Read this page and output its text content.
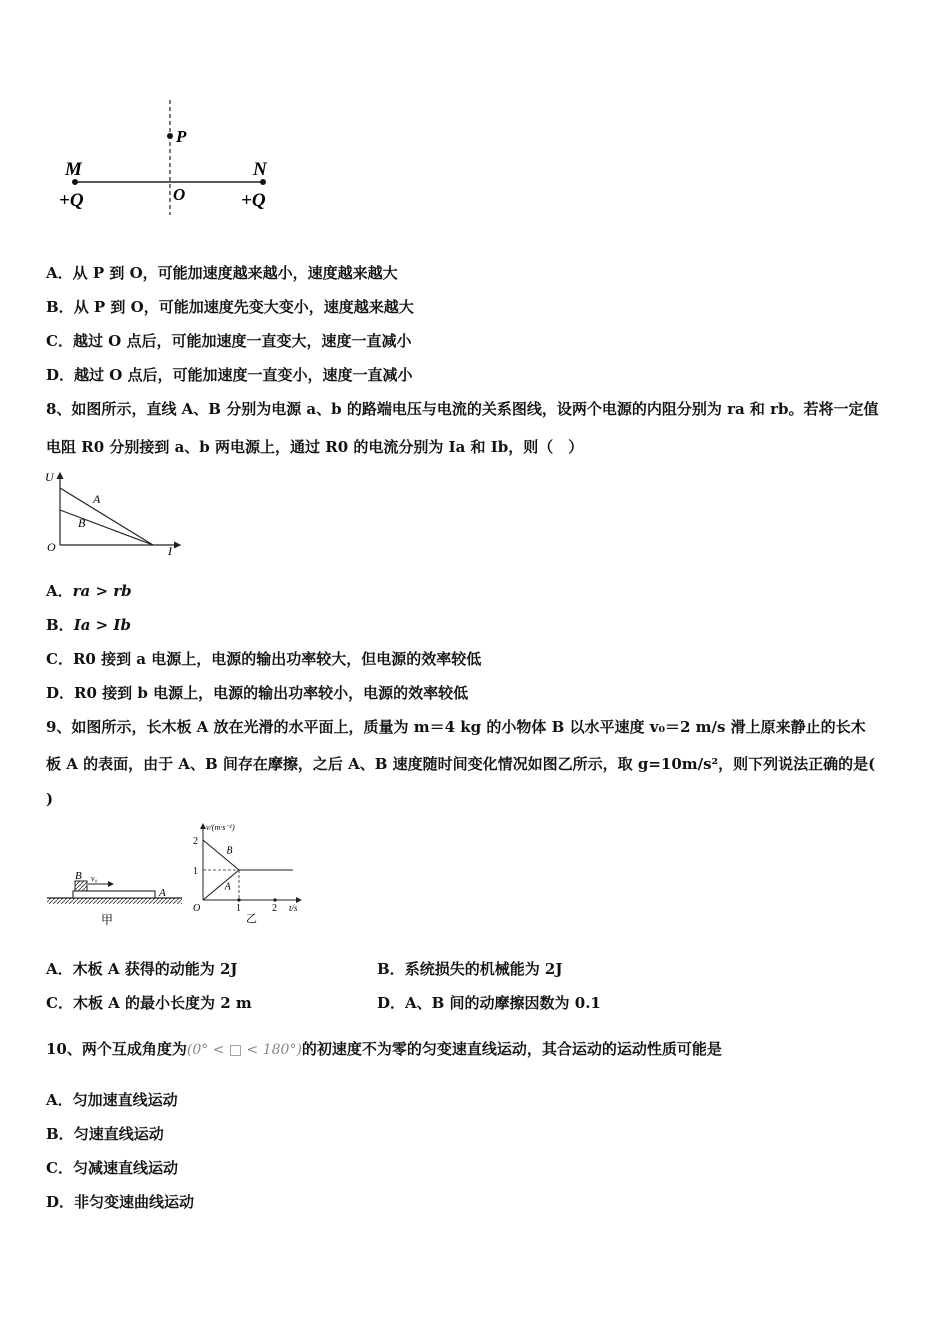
P
M	N
O
+Q	+Q
A．从 P 到 O，可能加速度越来越小，速度越来越大
B．从 P 到 O，可能加速度先变大变小，速度越来越大
C．越过 O 点后，可能加速度一直变大，速度一直减小
D．越过 O 点后，可能加速度一直变小，速度一直减小
8、如图所示，直线 A、B 分别为电源 a、b 的路端电压与电流的关系图线，设两个电源的内阻分别为 ra 和 rb。若将一定值
电阻 R0 分别接到 a、b 两电源上，通过 R0 的电流分别为 Ia 和 Ib，则（　）
U
I
O
A
B
A．ra > rb
B．Ia > Ib
C．R0 接到 a 电源上，电源的输出功率较大，但电源的效率较低
D．R0 接到 b 电源上，电源的输出功率较小，电源的效率较低
9、如图所示，长木板 A 放在光滑的水平面上，质量为 m＝4 kg 的小物体 B 以水平速度 v₀＝2 m/s 滑上原来静止的长木
板 A 的表面，由于 A、B 间存在摩擦，之后 A、B 速度随时间变化情况如图乙所示，取 g=10m/s²，则下列说法正确的是(
)
B v₀
A
甲
2
1
1	2
B
A
v/(m·s⁻¹)
t/s
O
乙
A．木板 A 获得的动能为 2J	B．系统损失的机械能为 2J
C．木板 A 的最小长度为 2 m	D．A、B 间的动摩擦因数为 0.1
10、两个互成角度为(0° < □ < 180°)的初速度不为零的匀变速直线运动，其合运动的运动性质可能是
A．匀加速直线运动
B．匀速直线运动
C．匀减速直线运动
D．非匀变速曲线运动
